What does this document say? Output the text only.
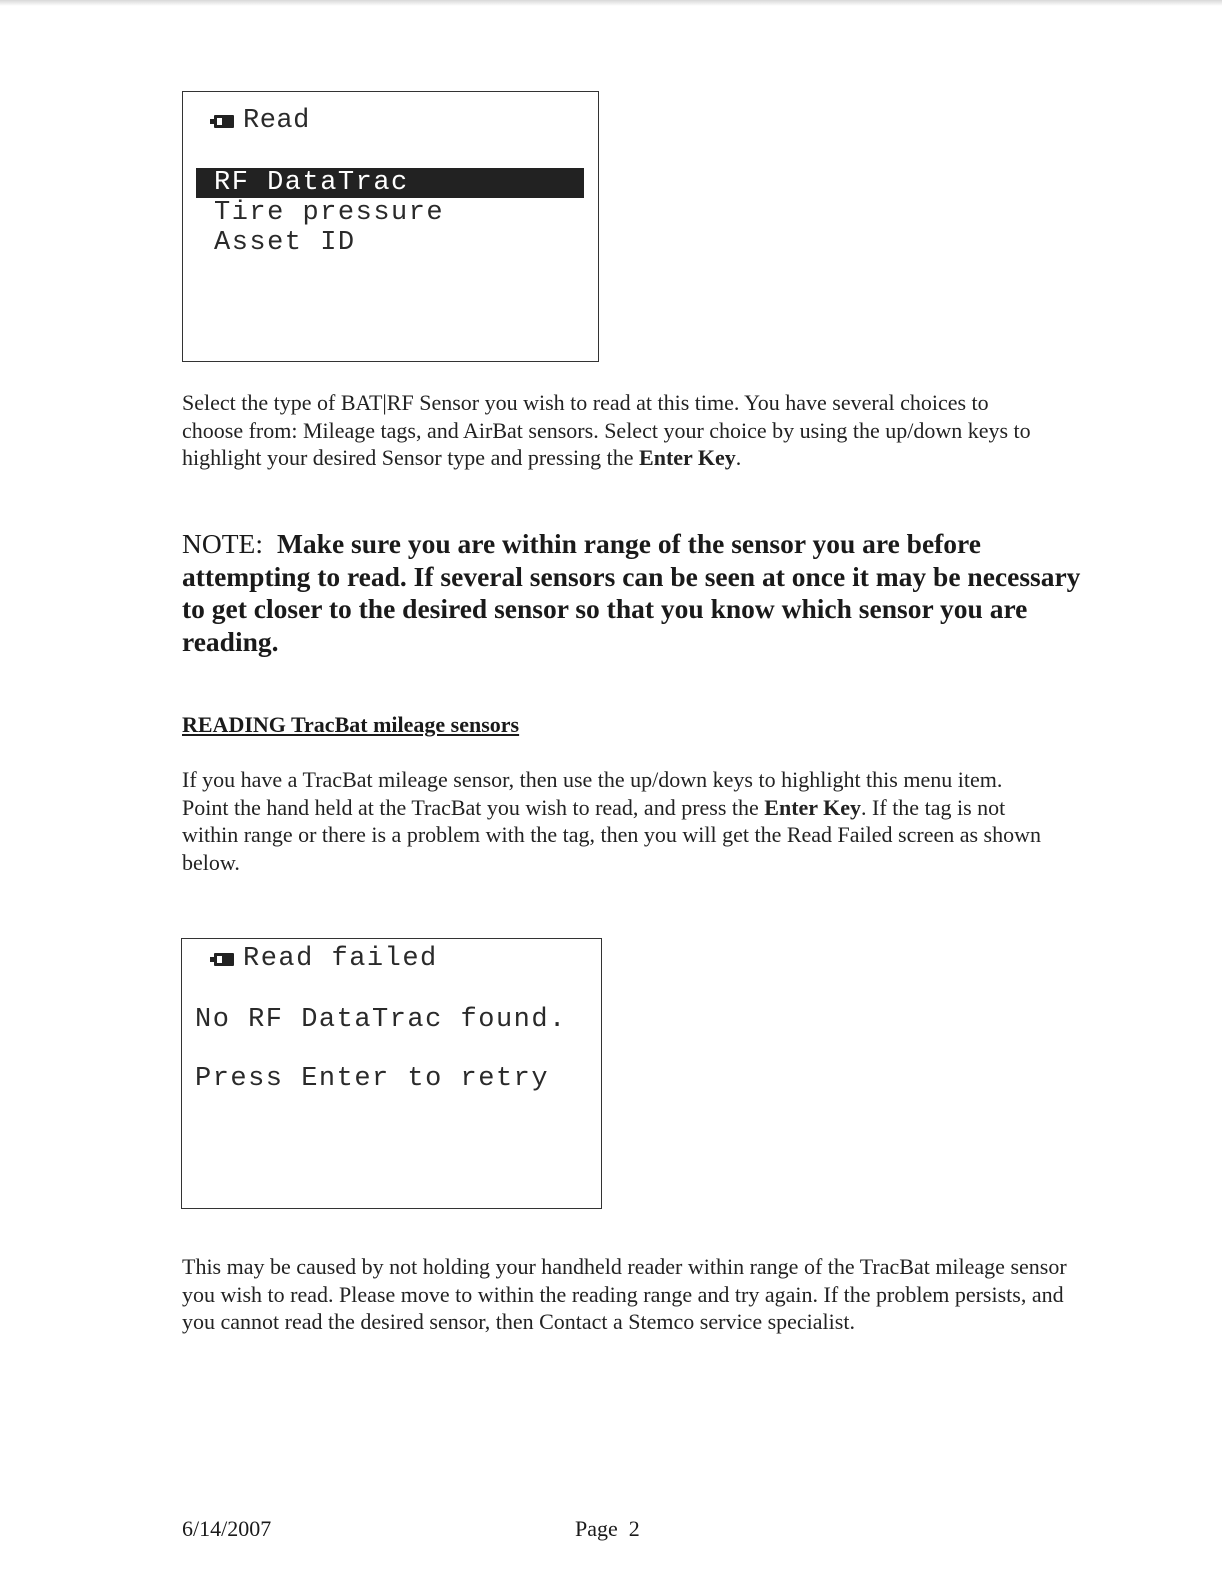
Read
RF DataTrac
Tire pressure
Asset ID
Select the type of BAT|RF Sensor you wish to read at this time. You have several choices to choose from: Mileage tags, and AirBat sensors. Select your choice by using the up/down keys to highlight your desired Sensor type and pressing the Enter Key.
NOTE: Make sure you are within range of the sensor you are before attempting to read. If several sensors can be seen at once it may be necessary to get closer to the desired sensor so that you know which sensor you are reading.
READING TracBat mileage sensors
If you have a TracBat mileage sensor, then use the up/down keys to highlight this menu item. Point the hand held at the TracBat you wish to read, and press the Enter Key. If the tag is not within range or there is a problem with the tag, then you will get the Read Failed screen as shown below.
Read failed
No RF DataTrac found.
Press Enter to retry
This may be caused by not holding your handheld reader within range of the TracBat mileage sensor you wish to read. Please move to within the reading range and try again. If the problem persists, and you cannot read the desired sensor, then Contact a Stemco service specialist.
6/14/2007	Page  2
